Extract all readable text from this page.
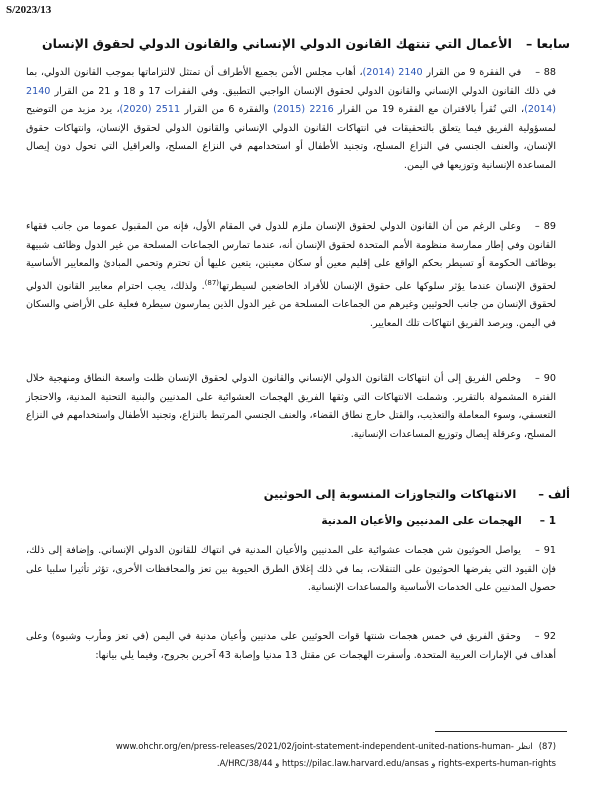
S/2023/13
سابعا –الأعمال التي تنتهك القانون الدولي الإنساني والقانون الدولي لحقوق الإنسان
88 –في الفقرة 9 من القرار 2140 (2014)، أهاب مجلس الأمن بجميع الأطراف أن تمتثل لالتزاماتها بموجب القانون الدولي، بما في ذلك القانون الدولي الإنساني والقانون الدولي لحقوق الإنسان الواجبي التطبيق. وفي الفقرات 17 و 18 و 21 من القرار 2140 (2014)، التي تُقرأ بالاقتران مع الفقرة 19 من القرار 2216 (2015) والفقرة 6 من القرار 2511 (2020)، يرد مزيد من التوضيح لمسؤولية الفريق فيما يتعلق بالتحقيقات في انتهاكات القانون الدولي الإنساني والقانون الدولي لحقوق الإنسان، وانتهاكات حقوق الإنسان، والعنف الجنسي في النزاع المسلح، وتجنيد الأطفال أو استخدامهم في النزاع المسلح، والعراقيل التي تحول دون إيصال المساعدة الإنسانية وتوزيعها في اليمن.
89 –وعلى الرغم من أن القانون الدولي لحقوق الإنسان ملزم للدول في المقام الأول، فإنه من المقبول عموما من جانب فقهاء القانون وفي إطار ممارسة منظومة الأمم المتحدة لحقوق الإنسان أنه، عندما تمارس الجماعات المسلحة من غير الدول وظائف شبيهة بوظائف الحكومة أو تسيطر بحكم الواقع على إقليم معين أو سكان معينين، يتعين عليها أن تحترم وتحمي المبادئ والمعايير الأساسية لحقوق الإنسان عندما يؤثر سلوكها على حقوق الإنسان للأفراد الخاضعين لسيطرتها$^{(87)}$. ولذلك، يجب احترام معايير القانون الدولي لحقوق الإنسان من جانب الحوثيين وغيرهم من الجماعات المسلحة من غير الدول الذين يمارسون سيطرة فعلية على الأراضي والسكان في اليمن. ويرصد الفريق انتهاكات تلك المعايير.
90 –وخلص الفريق إلى أن انتهاكات القانون الدولي الإنساني والقانون الدولي لحقوق الإنسان ظلت واسعة النطاق ومنهجية خلال الفترة المشمولة بالتقرير. وشملت الانتهاكات التي وثقها الفريق الهجمات العشوائية على المدنيين والبنية التحتية المدنية، والاحتجاز التعسفي، وسوء المعاملة والتعذيب، والقتل خارج نطاق القضاء، والعنف الجنسي المرتبط بالنزاع، وتجنيد الأطفال واستخدامهم في النزاع المسلح، وعرقلة إيصال وتوزيع المساعدات الإنسانية.
ألف –الانتهاكات والتجاوزات المنسوبة إلى الحوثيين
1 –الهجمات على المدنيين والأعيان المدنية
91 –يواصل الحوثيون شن هجمات عشوائية على المدنيين والأعيان المدنية في انتهاك للقانون الدولي الإنساني. وإضافة إلى ذلك، فإن القيود التي يفرضها الحوثيون على التنقلات، بما في ذلك إغلاق الطرق الحيوية بين تعز والمحافظات الأخرى، تؤثر تأثيرا سلبيا على حصول المدنيين على الخدمات الأساسية والمساعدات الإنسانية.
92 –وحقق الفريق في خمس هجمات شنتها قوات الحوثيين على مدنيين وأعيان مدنية في اليمن (في تعز ومأرب وشبوة) وعلى أهداف في الإمارات العربية المتحدة. وأسفرت الهجمات عن مقتل 13 مدنيا وإصابة 43 آخرين بجروح، وفيما يلي بيانها:
(87)انظر www.ohchr.org/en/press-releases/2021/02/joint-statement-independent-united-nations-human-
rights-experts-human-rights و https://pilac.law.harvard.edu/ansas و A/HRC/38/44.
